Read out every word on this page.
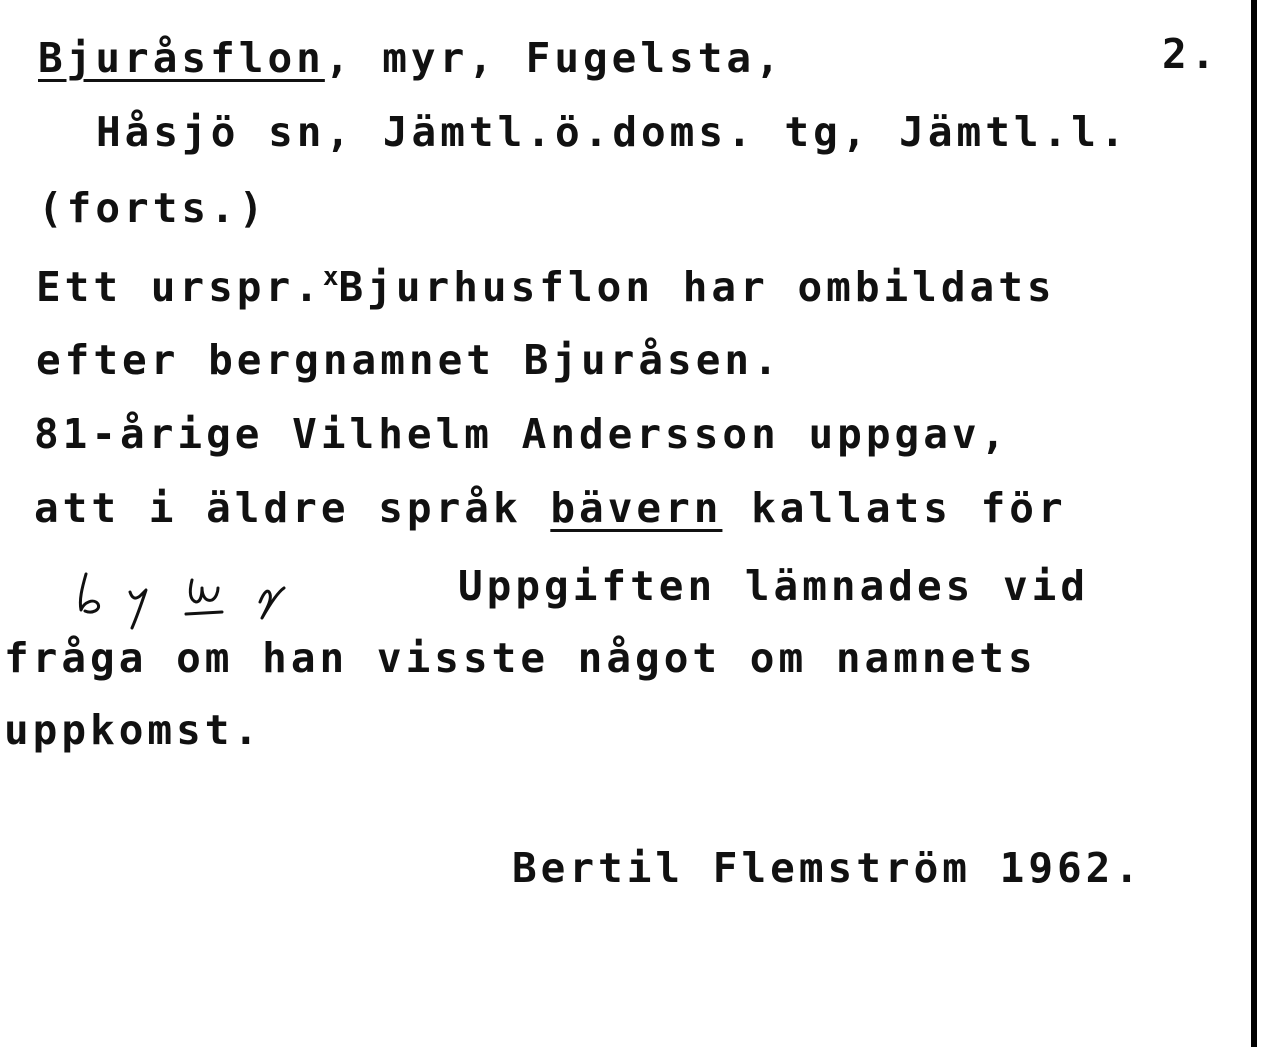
Bjuråsflon, myr, Fugelsta,	2.
Håsjö sn, Jämtl.ö.doms. tg, Jämtl.l.
(forts.)
Ett urspr.$^x$Bjurhusflon har ombildats
efter bergnamnet Bjuråsen.
81-årige Vilhelm Andersson uppgav,
att i äldre språk bävern kallats för
Uppgiften lämnades vid
fråga om han visste något om namnets
uppkomst.
Bertil Flemström 1962.
